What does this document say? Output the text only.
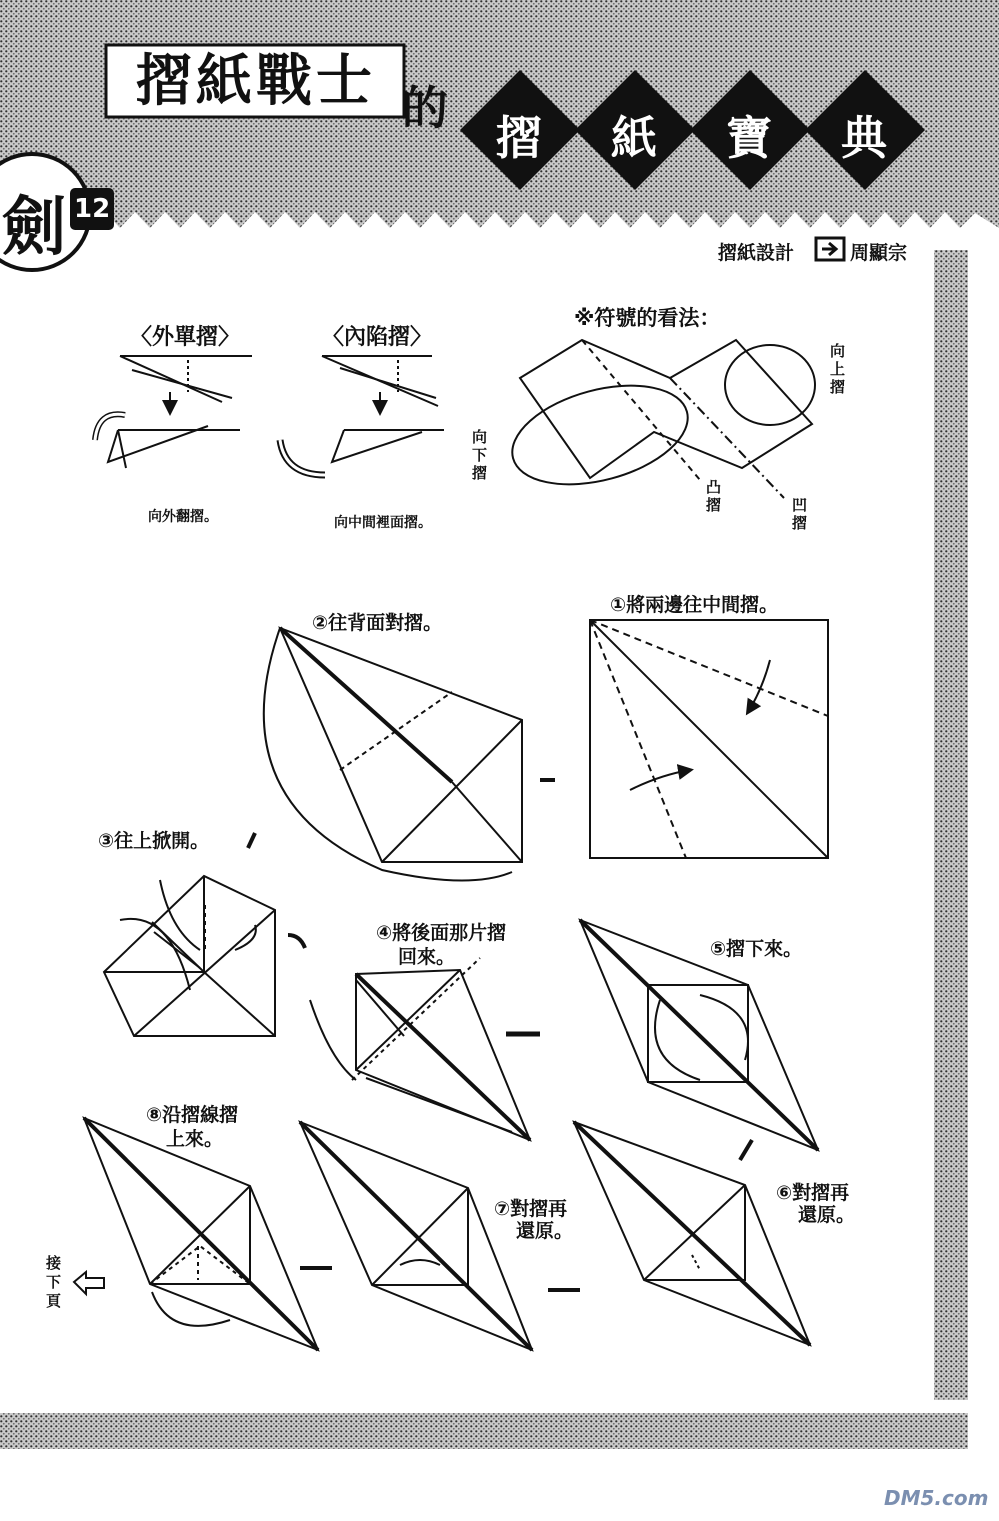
摺紙戰士 的
摺 紙 寶 典
劍 12
摺紙設計	周顯宗
〈外單摺〉
向外翻摺。
〈內陷摺〉
向中間裡面摺。
※符號的看法：
向上摺
向下摺
凸摺	凹摺
①將兩邊往中間摺。
②往背面對摺。
③往上掀開。
④將後面那片摺
回來。	⑤摺下來。
⑥對摺再
還原。
⑦對摺再
還原。
⑧沿摺線摺
上來。
接下頁
DM5.com
